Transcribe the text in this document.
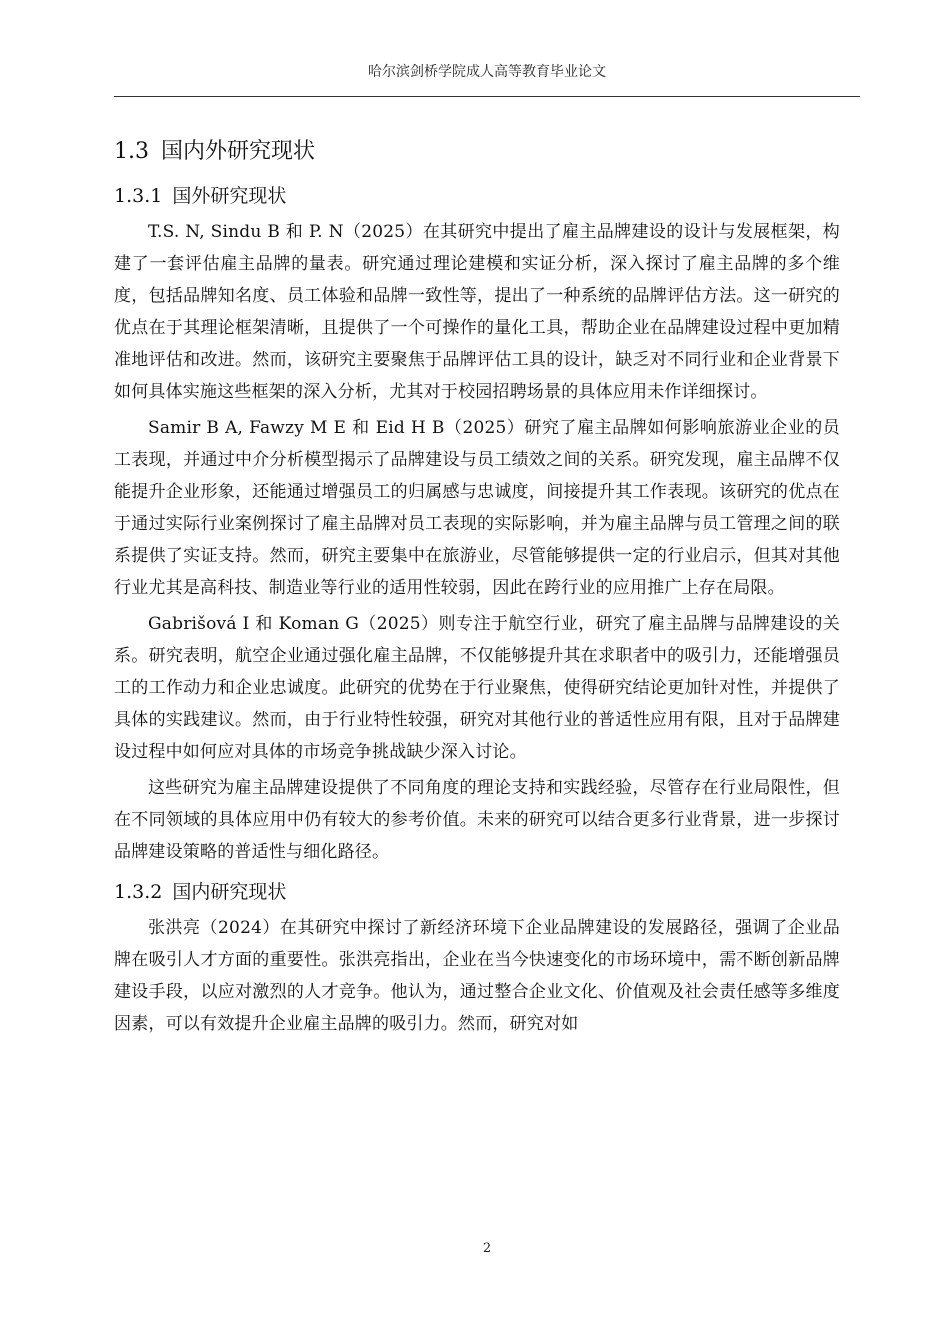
哈尔滨剑桥学院成人高等教育毕业论文
1.3 国内外研究现状
1.3.1 国外研究现状

T.S. N, Sindu B 和 P. N（2025）在其研究中提出了雇主品牌建设的设计与发展框架，构建了一套评估雇主品牌的量表。研究通过理论建模和实证分析，深入探讨了雇主品牌的多个维度，包括品牌知名度、员工体验和品牌一致性等，提出了一种系统的品牌评估方法。这一研究的优点在于其理论框架清晰，且提供了一个可操作的量化工具，帮助企业在品牌建设过程中更加精准地评估和改进。然而，该研究主要聚焦于品牌评估工具的设计，缺乏对不同行业和企业背景下如何具体实施这些框架的深入分析，尤其对于校园招聘场景的具体应用未作详细探讨。

Samir B A, Fawzy M E 和 Eid H B（2025）研究了雇主品牌如何影响旅游业企业的员工表现，并通过中介分析模型揭示了品牌建设与员工绩效之间的关系。研究发现，雇主品牌不仅能提升企业形象，还能通过增强员工的归属感与忠诚度，间接提升其工作表现。该研究的优点在于通过实际行业案例探讨了雇主品牌对员工表现的实际影响，并为雇主品牌与员工管理之间的联系提供了实证支持。然而，研究主要集中在旅游业，尽管能够提供一定的行业启示，但其对其他行业尤其是高科技、制造业等行业的适用性较弱，因此在跨行业的应用推广上存在局限。

Gabrišová I 和 Koman G（2025）则专注于航空行业，研究了雇主品牌与品牌建设的关系。研究表明，航空企业通过强化雇主品牌，不仅能够提升其在求职者中的吸引力，还能增强员工的工作动力和企业忠诚度。此研究的优势在于行业聚焦，使得研究结论更加针对性，并提供了具体的实践建议。然而，由于行业特性较强，研究对其他行业的普适性应用有限，且对于品牌建设过程中如何应对具体的市场竞争挑战缺少深入讨论。

这些研究为雇主品牌建设提供了不同角度的理论支持和实践经验，尽管存在行业局限性，但在不同领域的具体应用中仍有较大的参考价值。未来的研究可以结合更多行业背景，进一步探讨品牌建设策略的普适性与细化路径。

1.3.2 国内研究现状

张洪亮（2024）在其研究中探讨了新经济环境下企业品牌建设的发展路径，强调了企业品牌在吸引人才方面的重要性。张洪亮指出，企业在当今快速变化的市场环境中，需不断创新品牌建设手段，以应对激烈的人才竞争。他认为，通过整合企业文化、价值观及社会责任感等多维度因素，可以有效提升企业雇主品牌的吸引力。然而，研究对如

2
